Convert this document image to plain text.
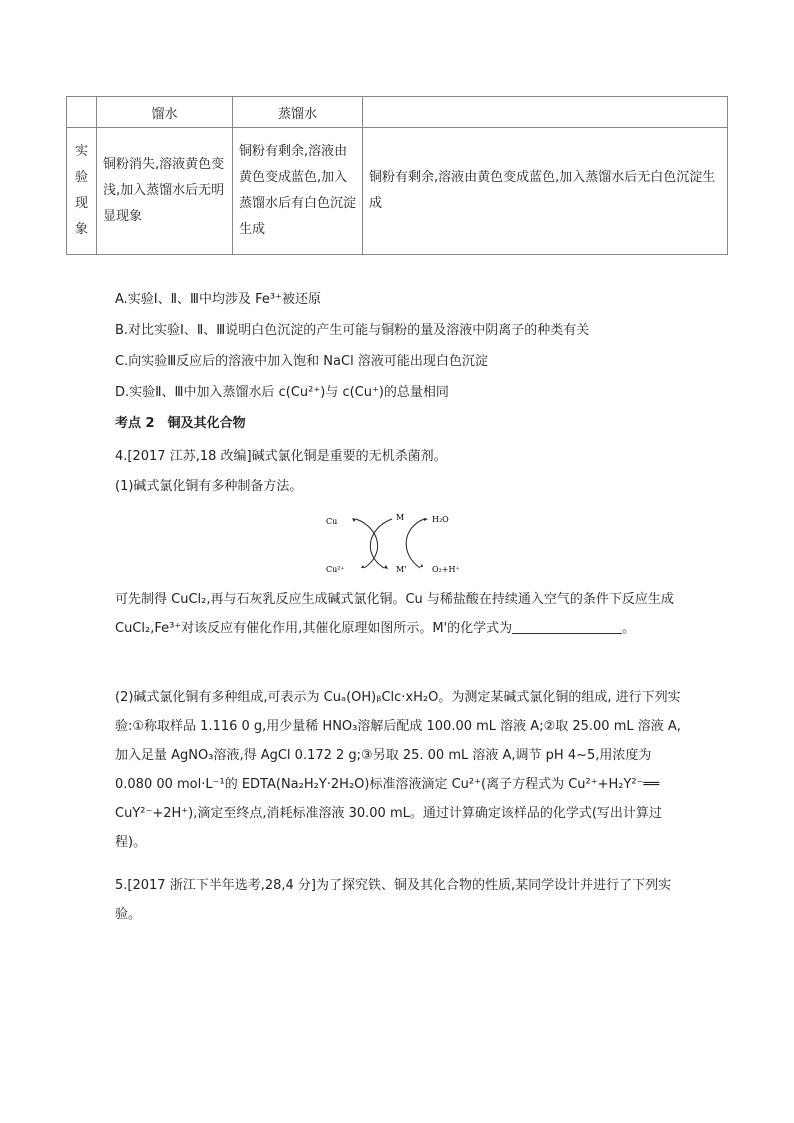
	馏水	蒸馏水	

实验现象	铜粉消失,溶液黄色变浅,加入蒸馏水后无明显现象	铜粉有剩余,溶液由黄色变成蓝色,加入蒸馏水后有白色沉淀生成	铜粉有剩余,溶液由黄色变成蓝色,加入蒸馏水后无白色沉淀生成
A.实验Ⅰ、Ⅱ、Ⅲ中均涉及 Fe³⁺被还原
B.对比实验Ⅰ、Ⅱ、Ⅲ说明白色沉淀的产生可能与铜粉的量及溶液中阴离子的种类有关
C.向实验Ⅲ反应后的溶液中加入饱和 NaCl 溶液可能出现白色沉淀
D.实验Ⅱ、Ⅲ中加入蒸馏水后 c(Cu²⁺)与 c(Cu⁺)的总量相同
考点 2　铜及其化合物
4.[2017 江苏,18 改编]碱式氯化铜是重要的无机杀菌剂。
(1)碱式氯化铜有多种制备方法。
Cu	M	H₂O
Cu²⁺	M'	O₂+H⁺
可先制得 CuCl₂,再与石灰乳反应生成碱式氯化铜。Cu 与稀盐酸在持续通入空气的条件下反应生成 CuCl₂,Fe³⁺对该反应有催化作用,其催化原理如图所示。M'的化学式为	。
(2)碱式氯化铜有多种组成,可表示为 Cuₐ(OH)ᵦClc·xH₂O。为测定某碱式氯化铜的组成, 进行下列实验:①称取样品 1.116 0 g,用少量稀 HNO₃溶解后配成 100.00 mL 溶液 A;②取 25.00 mL 溶液 A,加入足量 AgNO₃溶液,得 AgCl 0.172 2 g;③另取 25. 00 mL 溶液 A,调节 pH 4~5,用浓度为 0.080 00 mol·L⁻¹的 EDTA(Na₂H₂Y·2H₂O)标准溶液滴定 Cu²⁺(离子方程式为 Cu²⁺+H₂Y²⁻══ CuY²⁻+2H⁺),滴定至终点,消耗标准溶液 30.00 mL。通过计算确定该样品的化学式(写出计算过程)。
5.[2017 浙江下半年选考,28,4 分]为了探究铁、铜及其化合物的性质,某同学设计并进行了下列实验。
